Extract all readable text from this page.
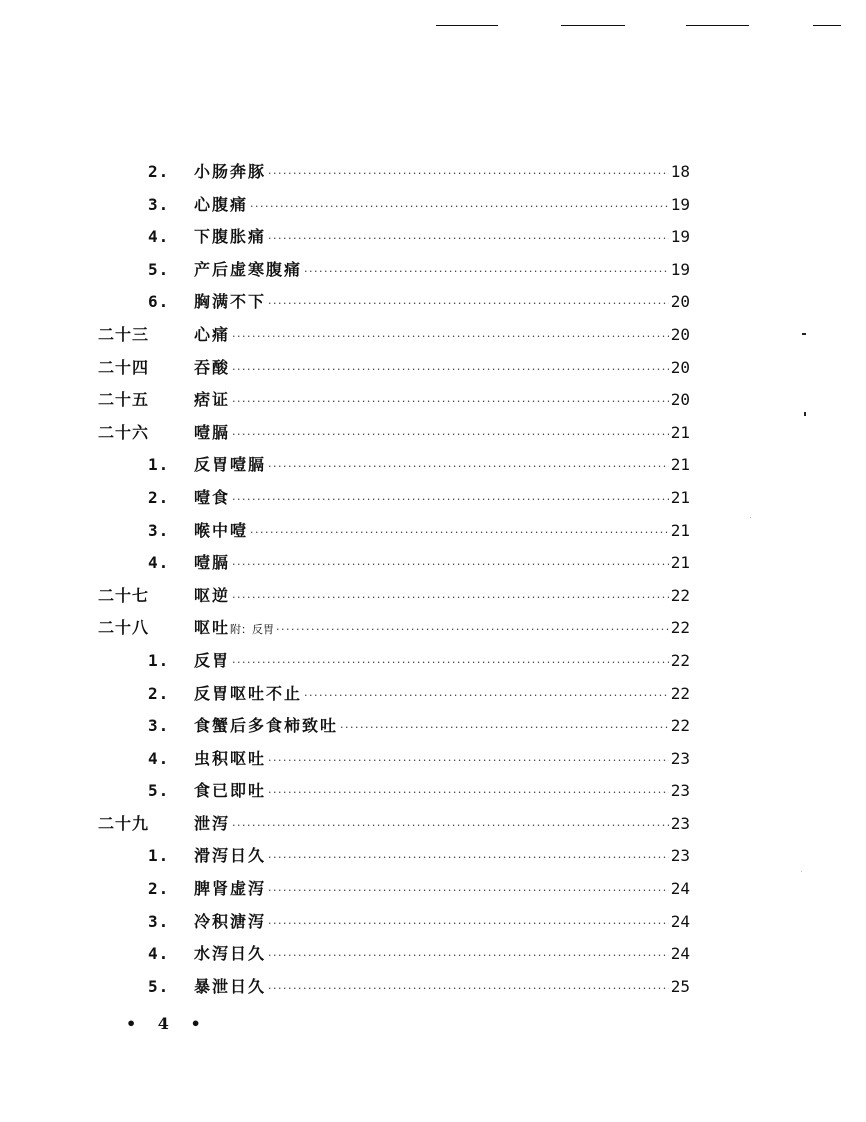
2.	小肠奔豚 ·····	18
3.	心腹痛 ·····	19
4.	下腹胀痛 ·····	19
5.	产后虚寒腹痛 ·····	19
6.	胸满不下 ·····	20
二十三	心痛 ·····	20
二十四	吞酸 ·····	20
二十五	痞证 ·····	20
二十六	噎膈 ·····	21
1.	反胃噎膈 ·····	21
2.	噎食 ·····	21
3.	喉中噎 ·····	21
4.	噎膈 ·····	21
二十七	呕逆 ·····	22
二十八	呕吐附：反胃 ·····	22
1.	反胃 ·····	22
2.	反胃呕吐不止 ·····	22
3.	食蟹后多食柿致吐 ·····	22
4.	虫积呕吐 ·····	23
5.	食已即吐 ·····	23
二十九	泄泻 ·····	23
1.	滑泻日久 ·····	23
2.	脾肾虚泻 ·····	24
3.	冷积溏泻 ·····	24
4.	水泻日久 ·····	24
5.	暴泄日久 ·····	25
• 4 •
